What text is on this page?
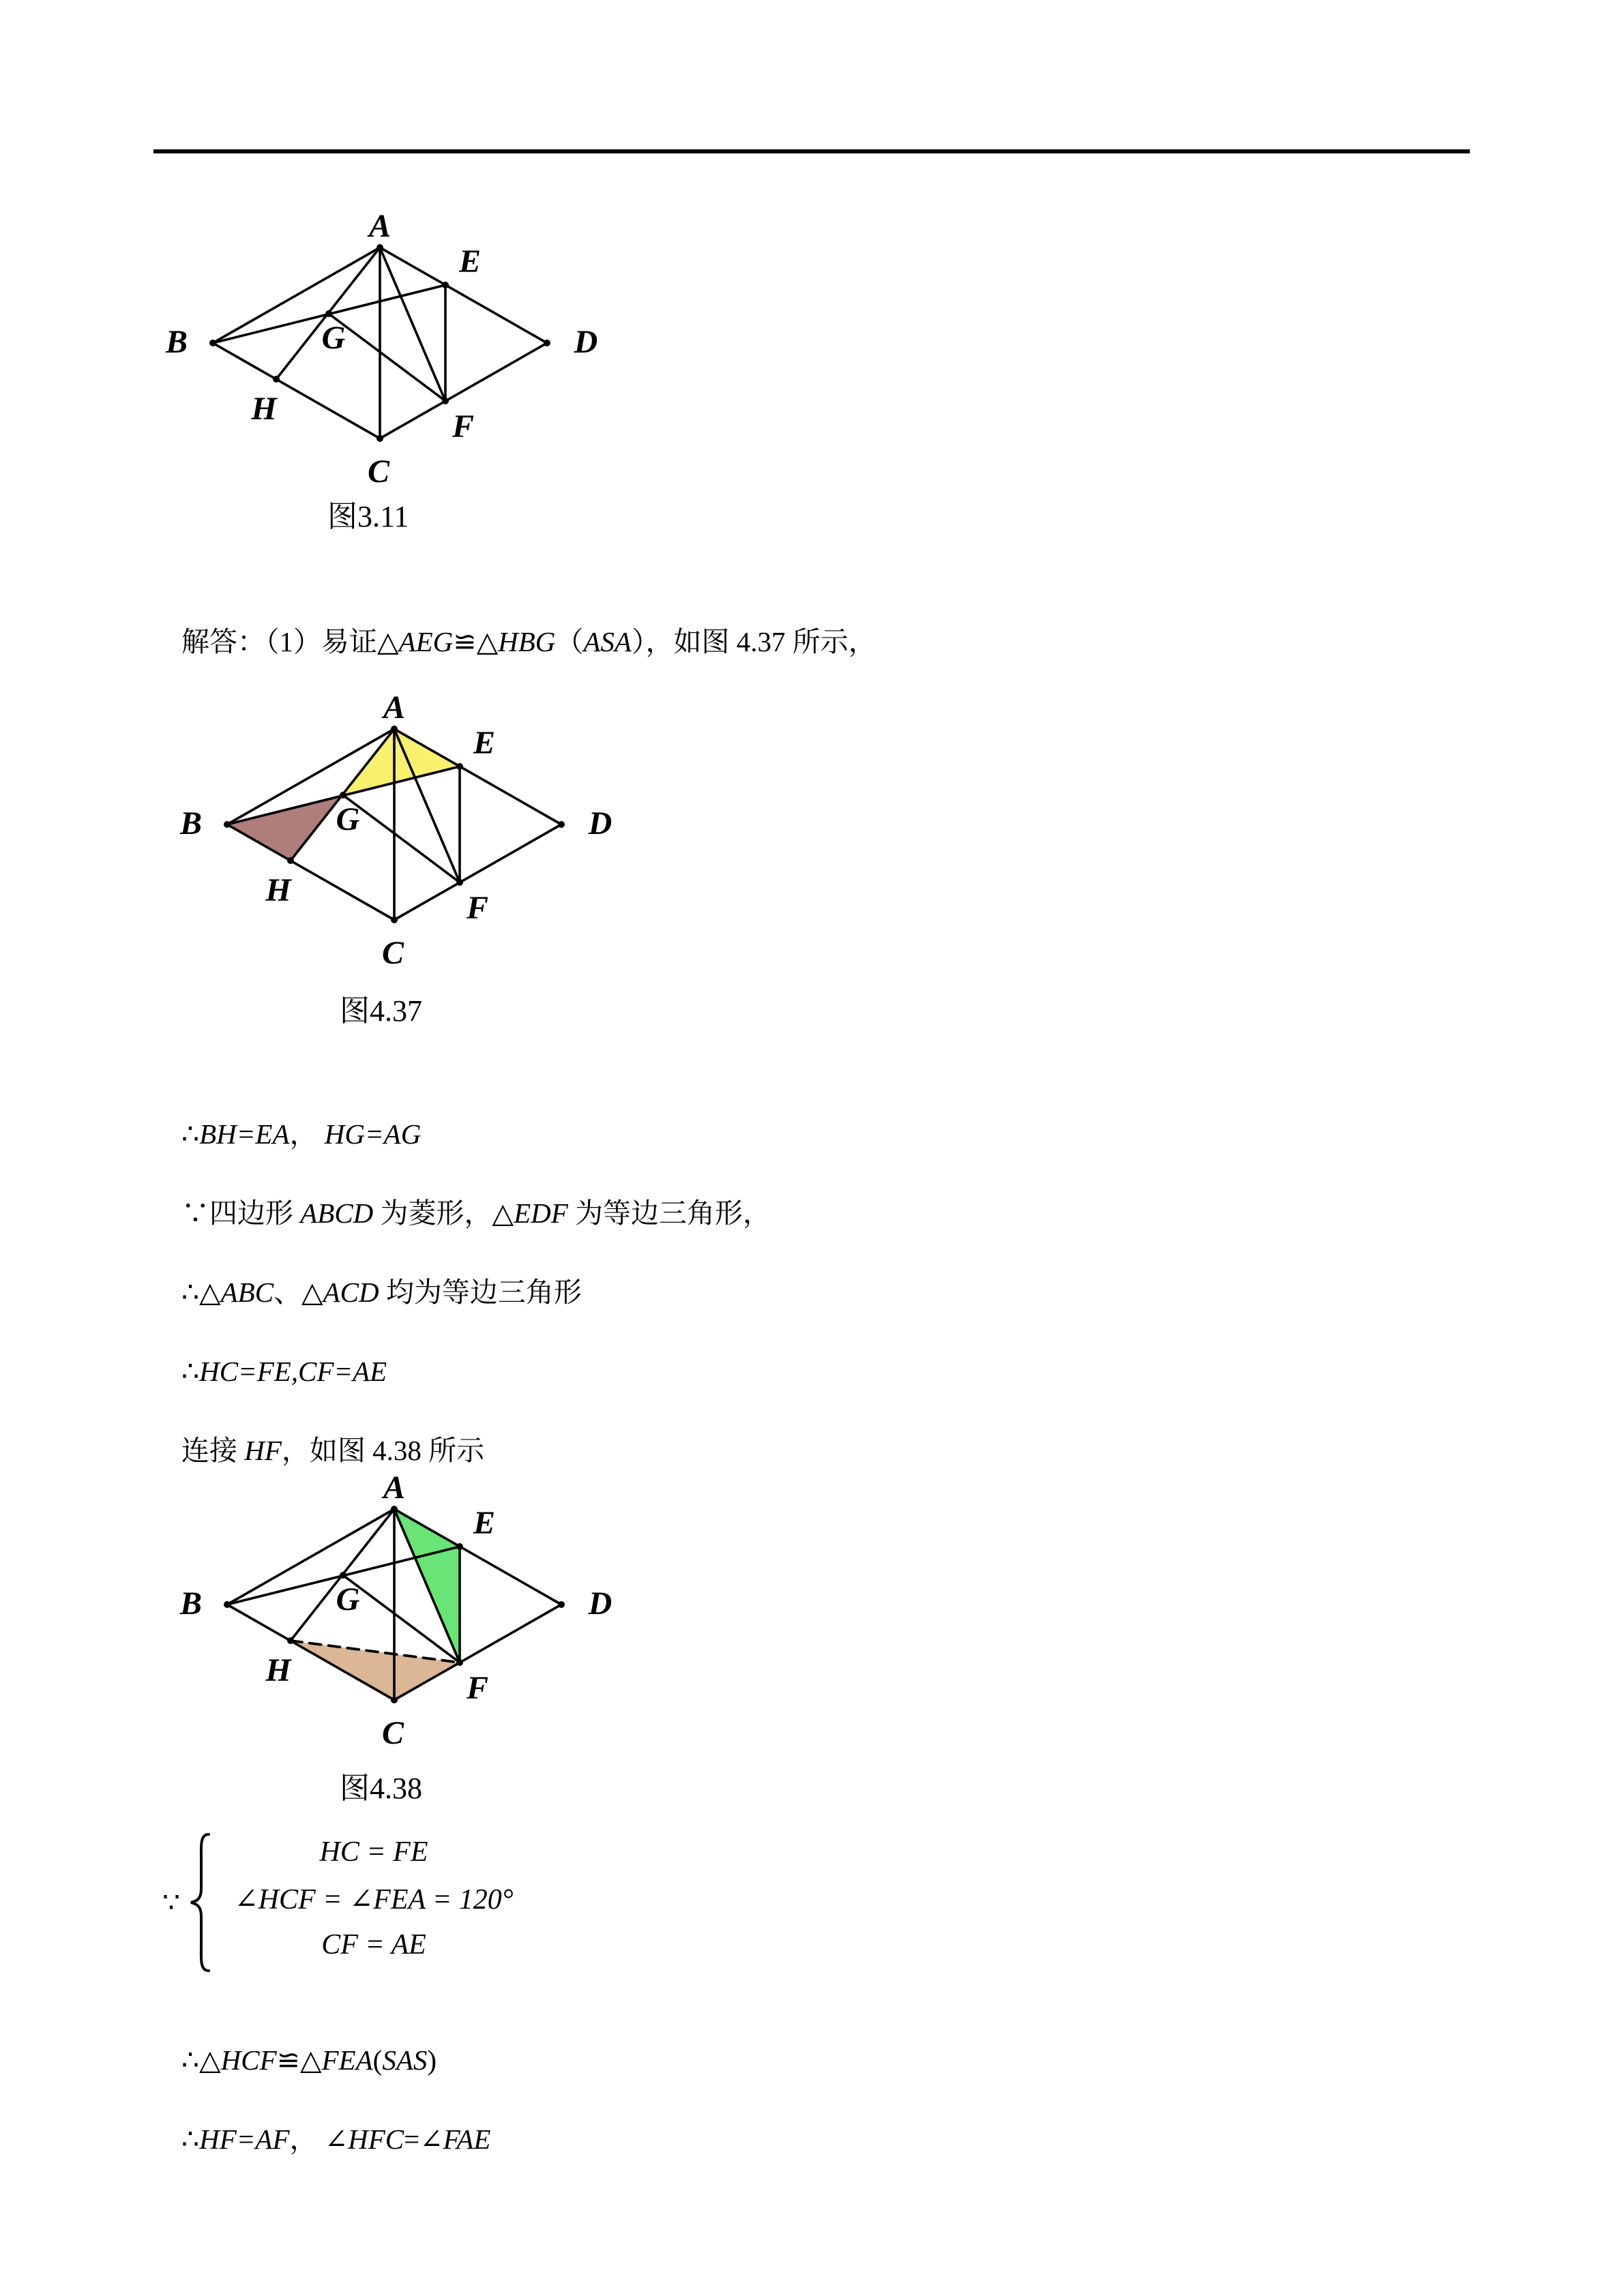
A
E
B	D
G
H	F
C
图3.11

解答：（1）易证△AEG≌△HBG（ASA），如图 4.37 所示，

A
E
B	D
G
H	F
C
图4.37

∴BH=EA， HG=AG

∵四边形 ABCD 为菱形，△EDF 为等边三角形，

∴△ABC、△ACD 均为等边三角形

∴HC=FE,CF=AE

连接 HF，如图 4.38 所示

A
E
B	D
G
H	F
C
图4.38
∵
HC = FE
∠HCF = ∠FEA = 120°
CF = AE

∴△HCF≌△FEA(SAS)

∴HF=AF， ∠HFC=∠FAE
